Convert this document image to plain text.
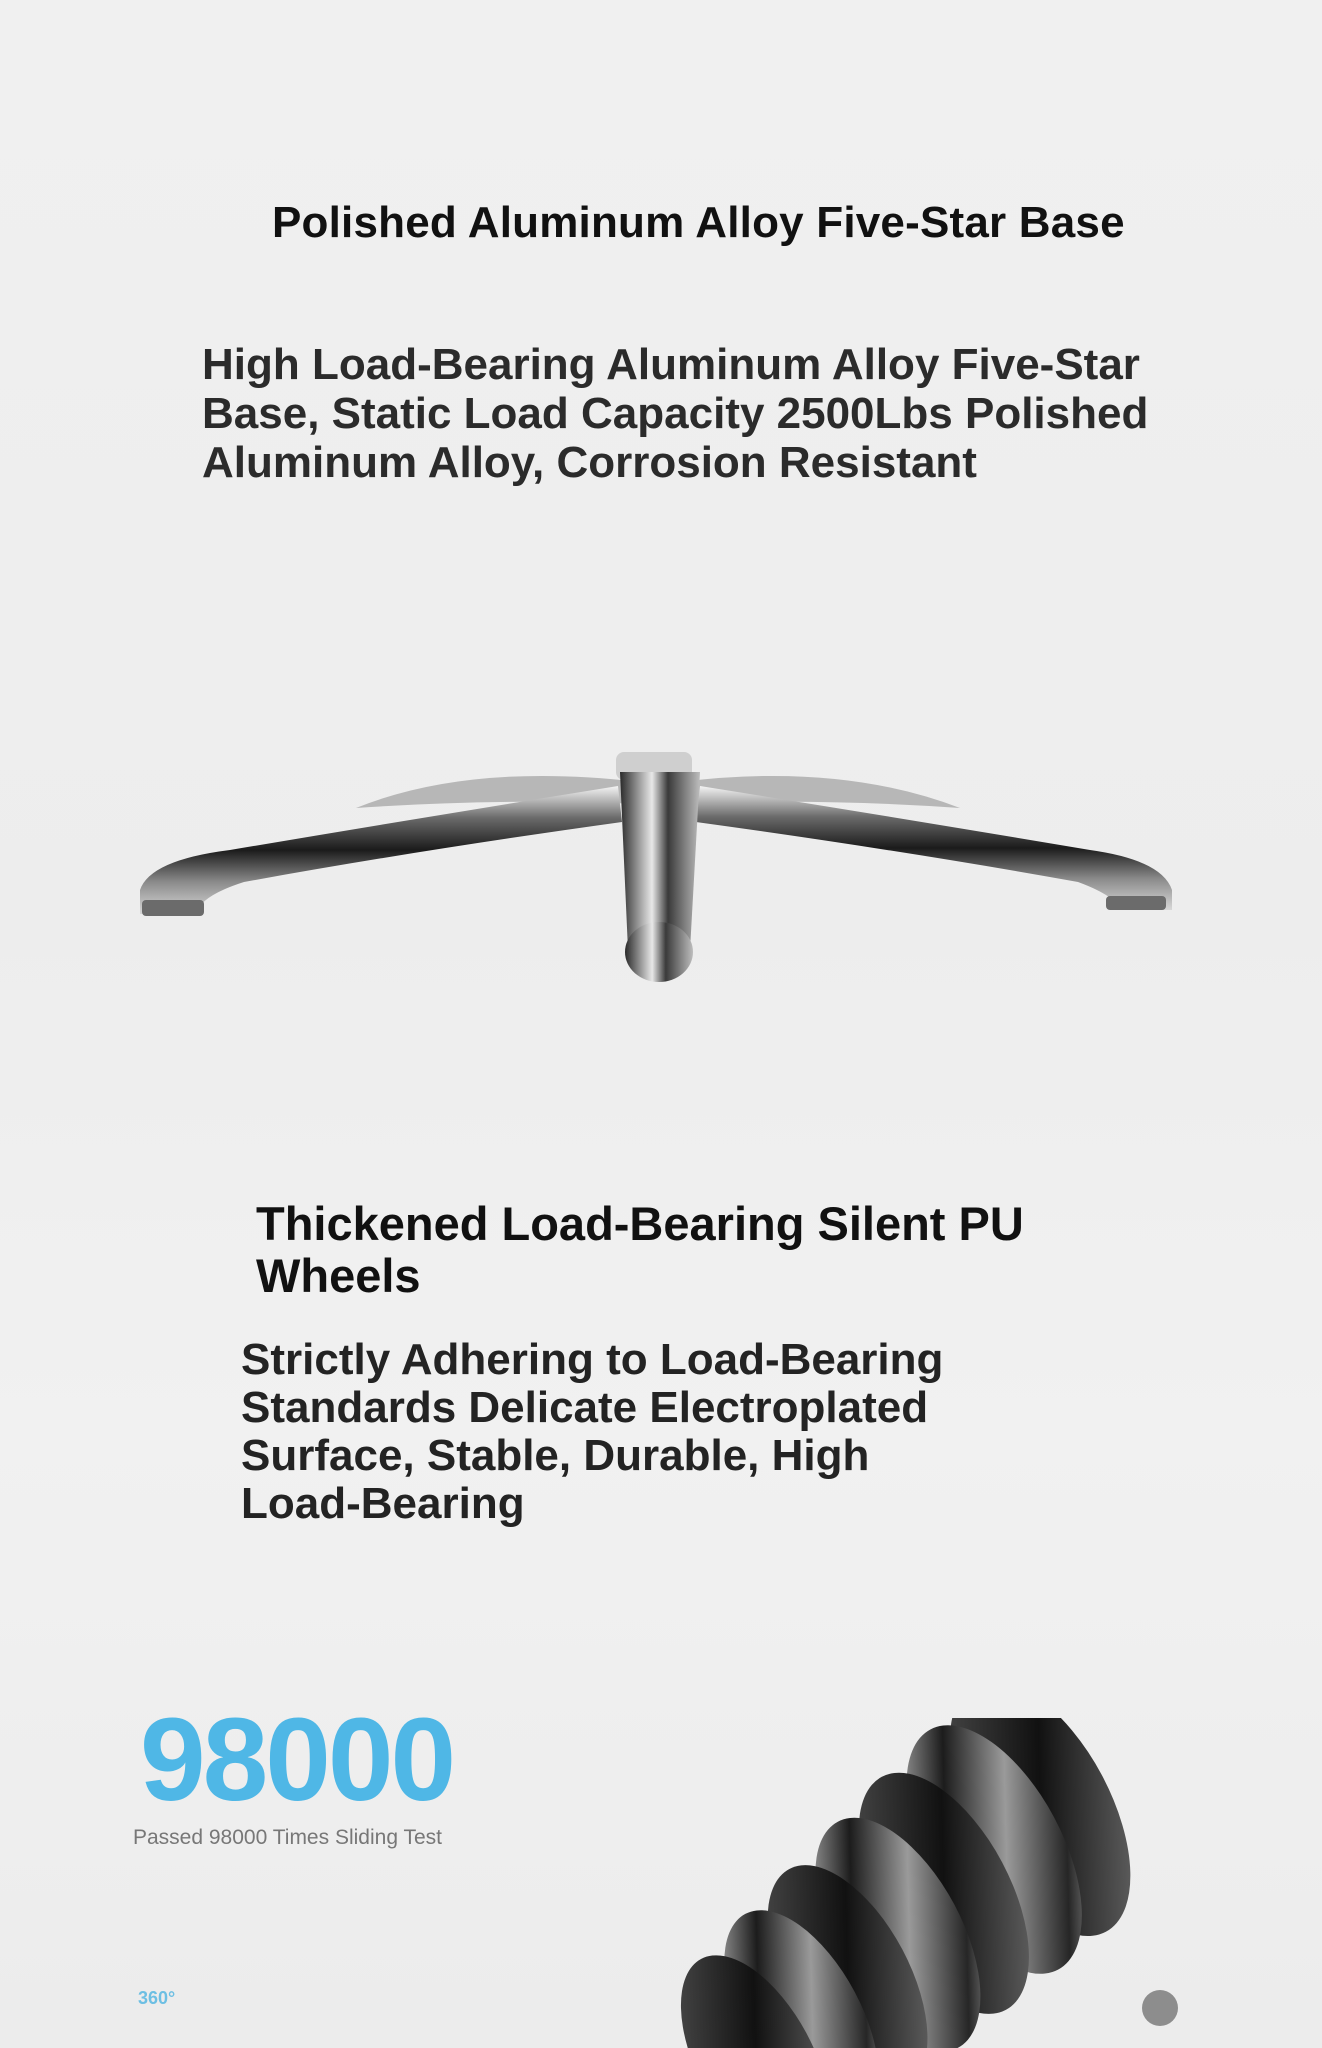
Polished Aluminum Alloy Five-Star Base
High Load-Bearing Aluminum Alloy Five-Star Base, Static Load Capacity 2500Lbs Polished Aluminum Alloy, Corrosion Resistant
Thickened Load-Bearing Silent PU Wheels
Strictly Adhering to Load-Bearing Standards Delicate Electroplated Surface, Stable, Durable, High Load-Bearing
98000
Passed 98000 Times Sliding Test
360°
